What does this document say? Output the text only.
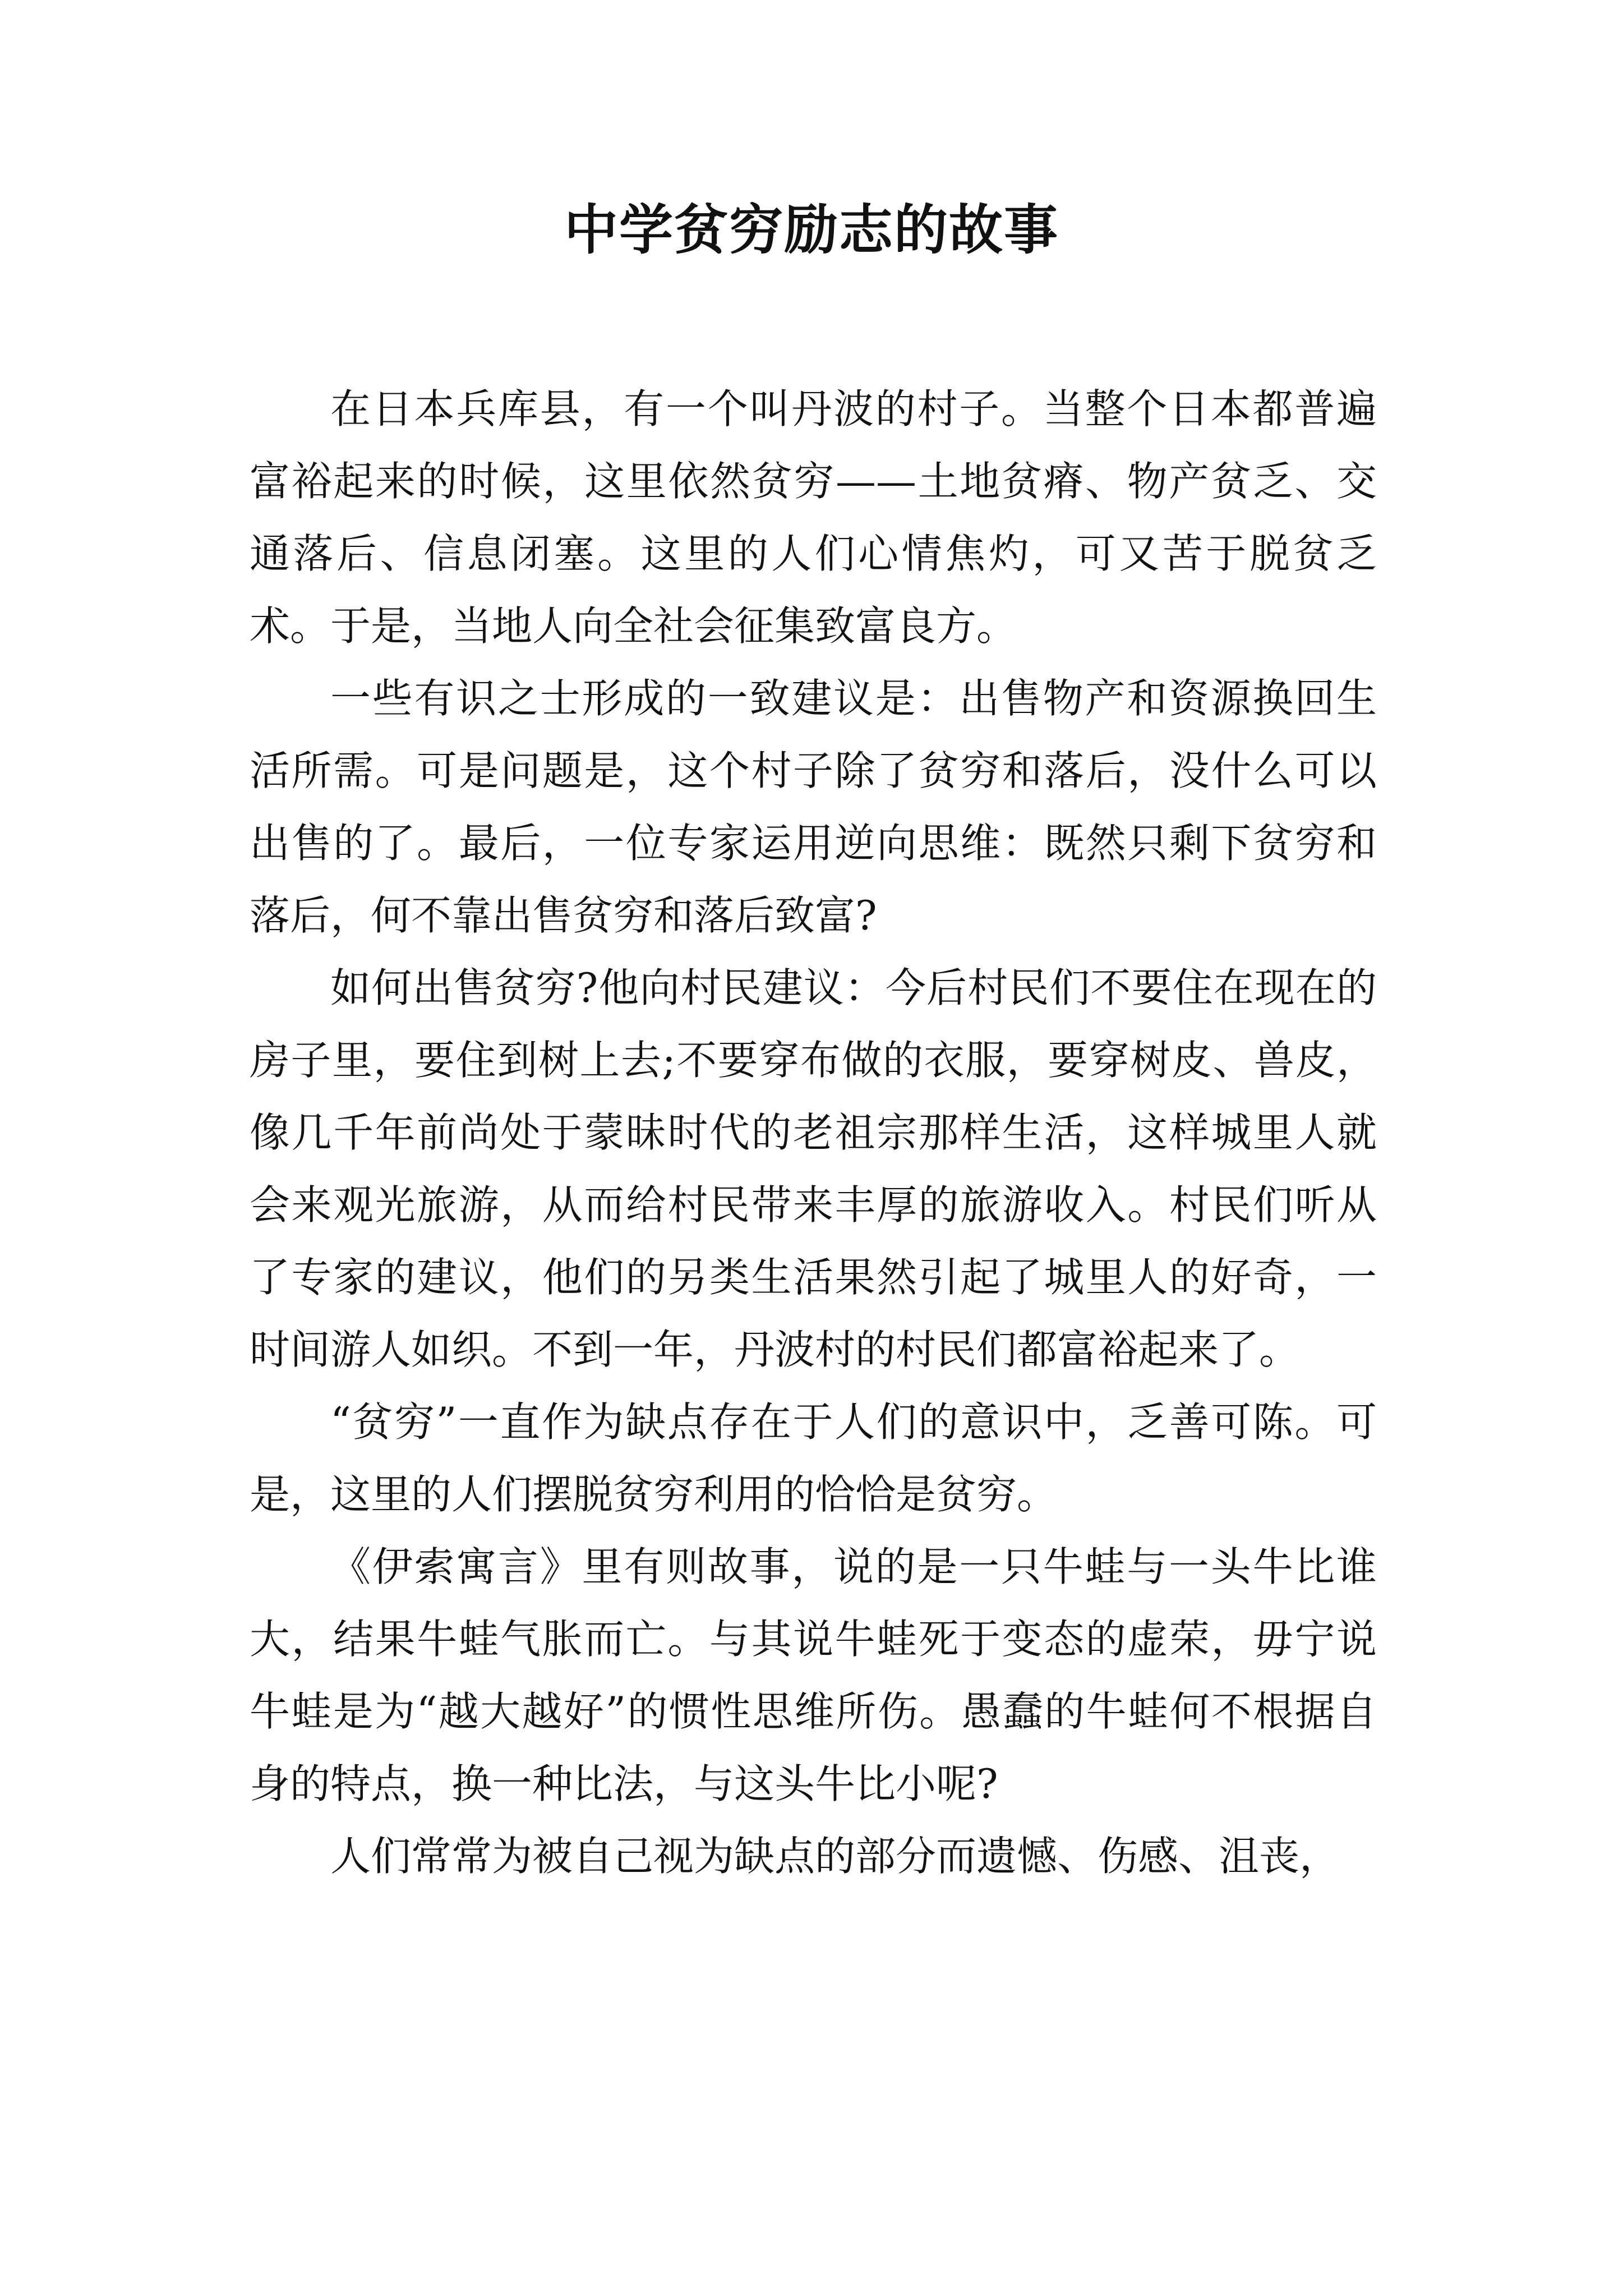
中学贫穷励志的故事

在日本兵库县，有一个叫丹波的村子。当整个日本都普遍富裕起来的时候，这里依然贫穷——土地贫瘠、物产贫乏、交通落后、信息闭塞。这里的人们心情焦灼，可又苦于脱贫乏术。于是，当地人向全社会征集致富良方。

一些有识之士形成的一致建议是：出售物产和资源换回生活所需。可是问题是，这个村子除了贫穷和落后，没什么可以出售的了。最后，一位专家运用逆向思维：既然只剩下贫穷和落后，何不靠出售贫穷和落后致富?

如何出售贫穷?他向村民建议：今后村民们不要住在现在的房子里，要住到树上去;不要穿布做的衣服，要穿树皮、兽皮，像几千年前尚处于蒙昧时代的老祖宗那样生活，这样城里人就会来观光旅游，从而给村民带来丰厚的旅游收入。村民们听从了专家的建议，他们的另类生活果然引起了城里人的好奇，一时间游人如织。不到一年，丹波村的村民们都富裕起来了。

“贫穷”一直作为缺点存在于人们的意识中，乏善可陈。可是，这里的人们摆脱贫穷利用的恰恰是贫穷。

《伊索寓言》里有则故事，说的是一只牛蛙与一头牛比谁大，结果牛蛙气胀而亡。与其说牛蛙死于变态的虚荣，毋宁说牛蛙是为“越大越好”的惯性思维所伤。愚蠢的牛蛙何不根据自身的特点，换一种比法，与这头牛比小呢?

人们常常为被自己视为缺点的部分而遗憾、伤感、沮丧，
